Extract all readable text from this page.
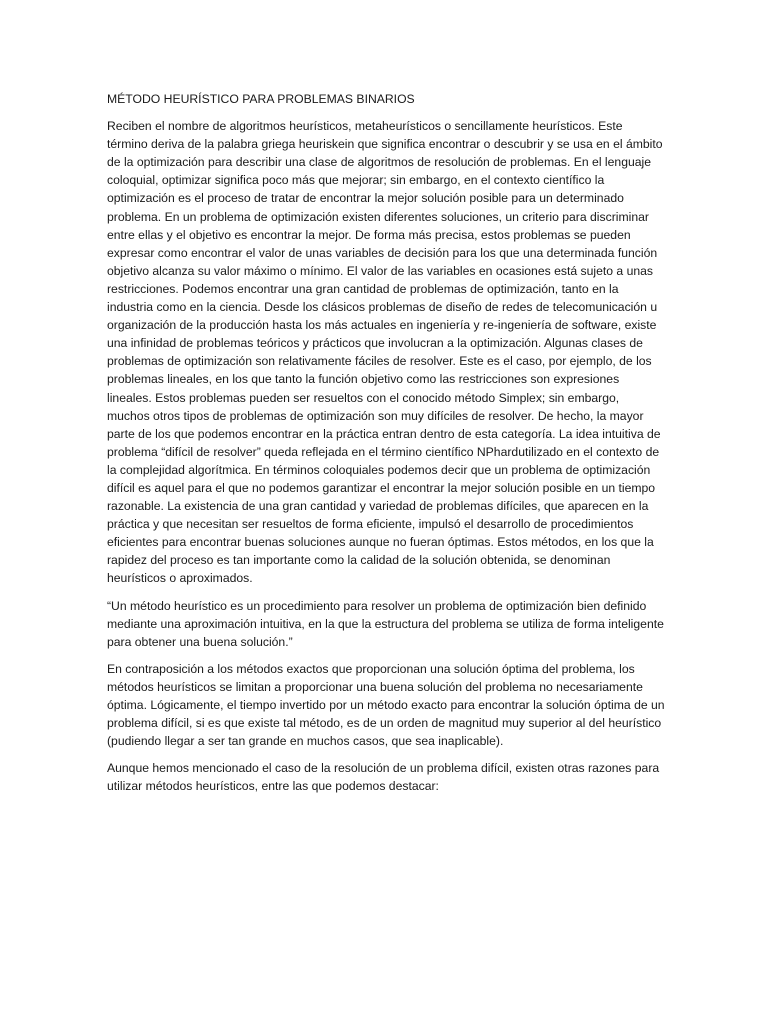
MÉTODO HEURÍSTICO PARA PROBLEMAS BINARIOS

Reciben el nombre de algoritmos heurísticos, metaheurísticos o sencillamente heurísticos. Este término deriva de la palabra griega heuriskein que significa encontrar o descubrir y se usa en el ámbito de la optimización para describir una clase de algoritmos de resolución de problemas. En el lenguaje coloquial, optimizar significa poco más que mejorar; sin embargo, en el contexto científico la optimización es el proceso de tratar de encontrar la mejor solución posible para un determinado problema. En un problema de optimización existen diferentes soluciones, un criterio para discriminar entre ellas y el objetivo es encontrar la mejor. De forma más precisa, estos problemas se pueden expresar como encontrar el valor de unas variables de decisión para los que una determinada función objetivo alcanza su valor máximo o mínimo. El valor de las variables en ocasiones está sujeto a unas restricciones. Podemos encontrar una gran cantidad de problemas de optimización, tanto en la industria como en la ciencia. Desde los clásicos problemas de diseño de redes de telecomunicación u organización de la producción hasta los más actuales en ingeniería y re-ingeniería de software, existe una infinidad de problemas teóricos y prácticos que involucran a la optimización. Algunas clases de problemas de optimización son relativamente fáciles de resolver. Este es el caso, por ejemplo, de los problemas lineales, en los que tanto la función objetivo como las restricciones son expresiones lineales. Estos problemas pueden ser resueltos con el conocido método Simplex; sin embargo, muchos otros tipos de problemas de optimización son muy difíciles de resolver. De hecho, la mayor parte de los que podemos encontrar en la práctica entran dentro de esta categoría. La idea intuitiva de problema “difícil de resolver” queda reflejada en el término científico NPhardutilizado en el contexto de la complejidad algorítmica. En términos coloquiales podemos decir que un problema de optimización difícil es aquel para el que no podemos garantizar el encontrar la mejor solución posible en un tiempo razonable. La existencia de una gran cantidad y variedad de problemas difíciles, que aparecen en la práctica y que necesitan ser resueltos de forma eficiente, impulsó el desarrollo de procedimientos eficientes para encontrar buenas soluciones aunque no fueran óptimas. Estos métodos, en los que la rapidez del proceso es tan importante como la calidad de la solución obtenida, se denominan heurísticos o aproximados.

“Un método heurístico es un procedimiento para resolver un problema de optimización bien definido mediante una aproximación intuitiva, en la que la estructura del problema se utiliza de forma inteligente para obtener una buena solución.”

En contraposición a los métodos exactos que proporcionan una solución óptima del problema, los métodos heurísticos se limitan a proporcionar una buena solución del problema no necesariamente óptima. Lógicamente, el tiempo invertido por un método exacto para encontrar la solución óptima de un problema difícil, si es que existe tal método, es de un orden de magnitud muy superior al del heurístico (pudiendo llegar a ser tan grande en muchos casos, que sea inaplicable).

Aunque hemos mencionado el caso de la resolución de un problema difícil, existen otras razones para utilizar métodos heurísticos, entre las que podemos destacar:
